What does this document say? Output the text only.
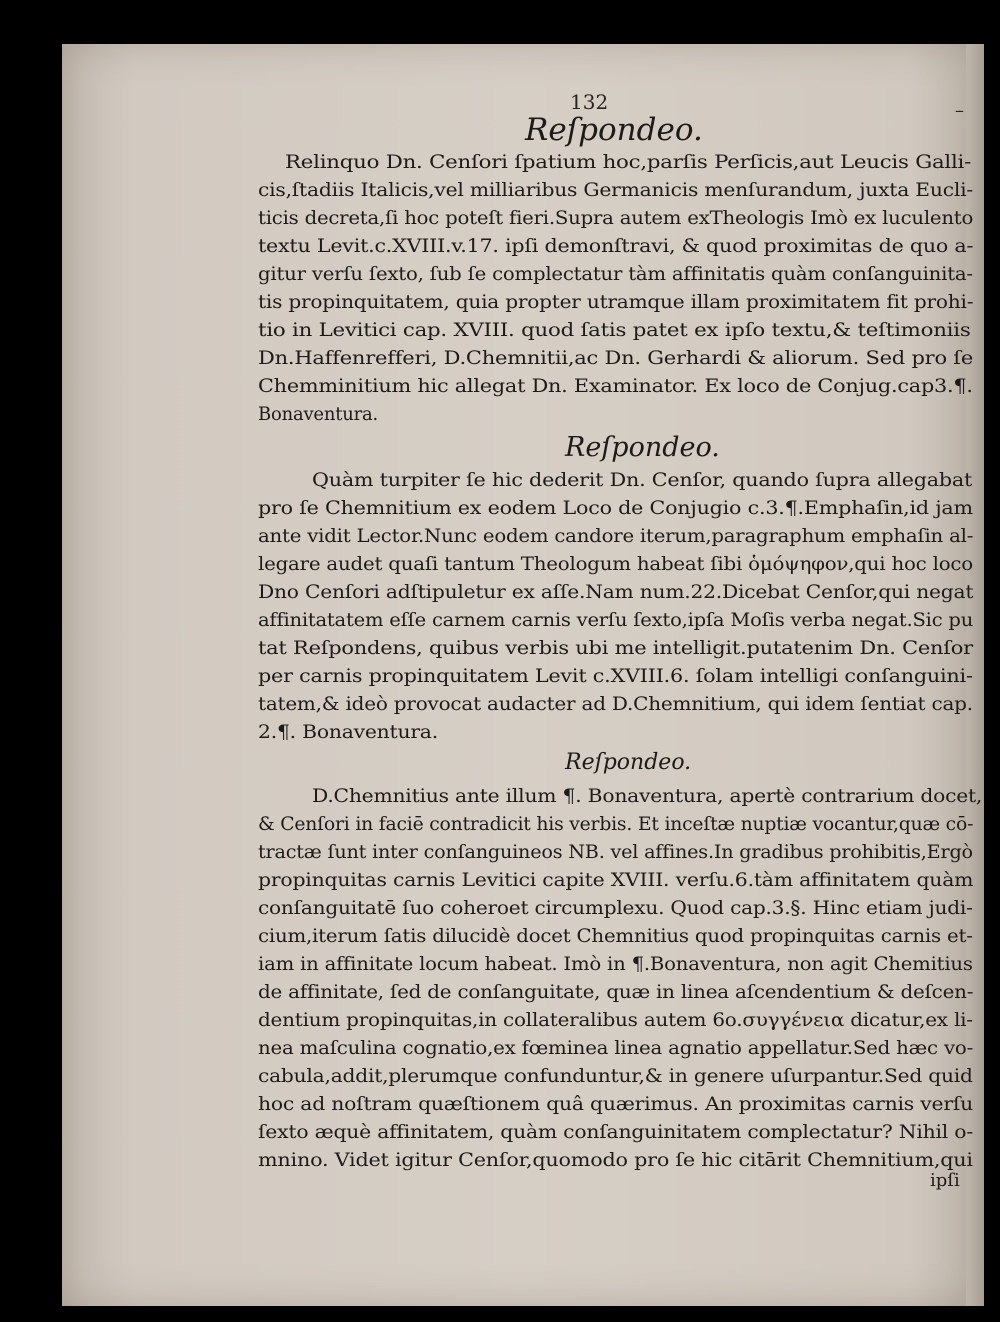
132	–
Reſpondeo.
Reſpondeo.
Reſpondeo.
Relinquo Dn. Cenſori ſpatium hoc,parſis Perſicis,aut Leucis Galli-
cis,ſtadiis Italicis,vel milliaribus Germanicis menſurandum, juxta Eucli-
ticis decreta,ſi hoc poteſt fieri.Supra autem exTheologis Imò ex luculento
textu Levit.c.XVIII.v.17. ipſi demonſtravi, & quod proximitas de quo a-
gitur verſu ſexto, ſub ſe complectatur tàm affinitatis quàm conſanguinita-
tis propinquitatem, quia propter utramque illam proximitatem fit prohi-
tio in Levitici cap. XVIII. quod ſatis patet ex ipſo textu,& teſtimoniis
Dn.Haffenrefferi, D.Chemnitii,ac Dn. Gerhardi & aliorum. Sed pro ſe
Chemminitium hic allegat Dn. Examinator. Ex loco de Conjug.cap3.¶.
Bonaventura.
Quàm turpiter ſe hic dederit Dn. Cenſor, quando ſupra allegabat
pro ſe Chemnitium ex eodem Loco de Conjugio c.3.¶.Emphaſin,id jam
ante vidit Lector.Nunc eodem candore iterum,paragraphum emphaſin al-
legare audet quaſi tantum Theologum habeat ſibi ὁμόψηφον,qui hoc loco
Dno Cenſori adſtipuletur ex aſſe.Nam num.22.Dicebat Cenſor,qui negat
affinitatatem eſſe carnem carnis verſu ſexto,ipſa Moſis verba negat.Sic pu
tat Reſpondens, quibus verbis ubi me intelligit.putatenim Dn. Cenſor
per carnis propinquitatem Levit c.XVIII.6. ſolam intelligi conſanguini-
tatem,& ideò provocat audacter ad D.Chemnitium, qui idem ſentiat cap.
2.¶. Bonaventura.
D.Chemnitius ante illum ¶. Bonaventura, apertè contrarium docet,
& Cenſori in faciē contradicit his verbis. Et inceſtæ nuptiæ vocantur,quæ cō-
tractæ ſunt inter conſanguineos NB. vel affines.In gradibus prohibitis,Ergò
propinquitas carnis Levitici capite XVIII. verſu.6.tàm affinitatem quàm
conſanguitatē ſuo coheroet circumplexu. Quod cap.3.§. Hinc etiam judi-
cium,iterum ſatis dilucidè docet Chemnitius quod propinquitas carnis et-
iam in affinitate locum habeat. Imò in ¶.Bonaventura, non agit Chemitius
de affinitate, ſed de conſanguitate, quæ in linea aſcendentium & deſcen-
dentium propinquitas,in collateralibus autem 6o.συγγένεια dicatur,ex li-
nea maſculina cognatio,ex fœminea linea agnatio appellatur.Sed hæc vo-
cabula,addit,plerumque confunduntur,& in genere uſurpantur.Sed quid
hoc ad noſtram quæſtionem quâ quærimus. An proximitas carnis verſu
ſexto æquè affinitatem, quàm conſanguinitatem complectatur? Nihil o-
mnino. Videt igitur Cenſor,quomodo pro ſe hic citārit Chemnitium,qui
ipſi
